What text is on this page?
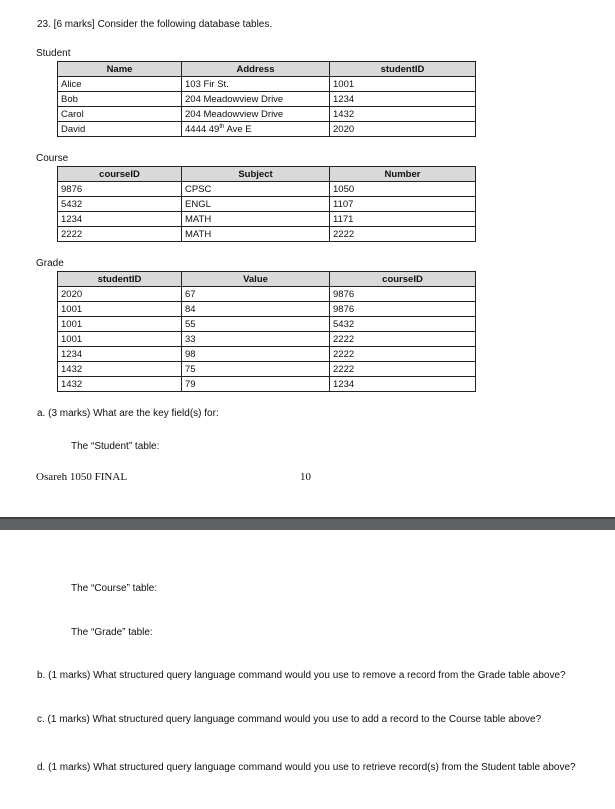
23. [6 marks] Consider the following database tables.
Student
Name	Address	studentID
Alice	103 Fir St.	1001
Bob	204 Meadowview Drive	1234
Carol	204 Meadowview Drive	1432
David	4444 49th Ave E	2020
Course
courseID	Subject	Number
9876	CPSC	1050
5432	ENGL	1107
1234	MATH	1171
2222	MATH	2222
Grade
studentID	Value	courseID
2020	67	9876
1001	84	9876
1001	55	5432
1001	33	2222
1234	98	2222
1432	75	2222
1432	79	1234
a. (3 marks) What are the key field(s) for:
The “Student” table:
Osareh 1050 FINAL	10
The “Course” table:
The “Grade” table:
b. (1 marks) What structured query language command would you use to remove a record from the Grade table above?
c. (1 marks) What structured query language command would you use to add a record to the Course table above?
d. (1 marks) What structured query language command would you use to retrieve record(s) from the Student table above?
